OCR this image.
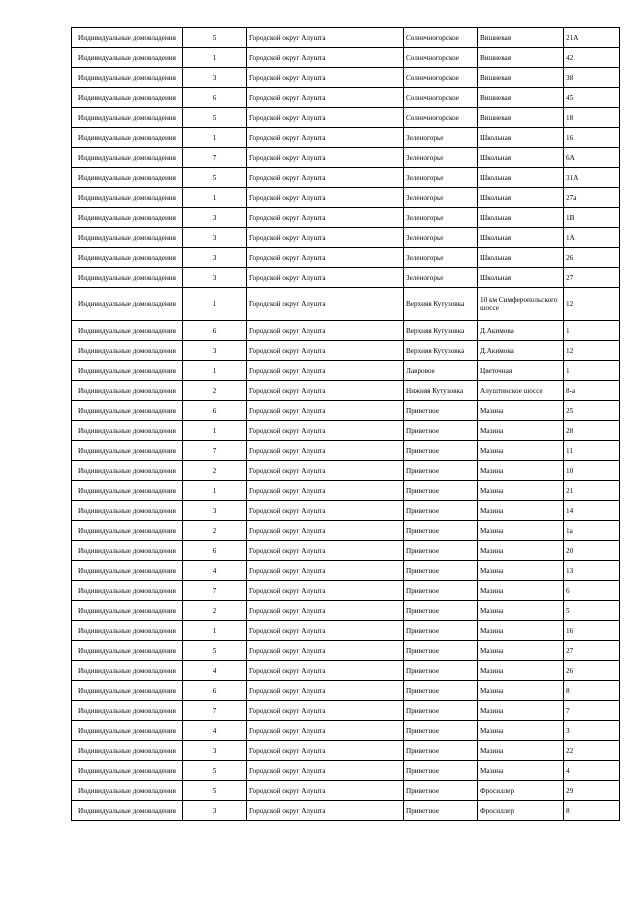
Индивидуальные домовладения	5	Городской округ Алушта	Солнечногорское	Вишневая	21А
Индивидуальные домовладения	1	Городской округ Алушта	Солнечногорское	Вишневая	42
Индивидуальные домовладения	3	Городской округ Алушта	Солнечногорское	Вишневая	38
Индивидуальные домовладения	6	Городской округ Алушта	Солнечногорское	Вишневая	45
Индивидуальные домовладения	5	Городской округ Алушта	Солнечногорское	Вишневая	18
Индивидуальные домовладения	1	Городской округ Алушта	Зеленогорье	Школьная	16
Индивидуальные домовладения	7	Городской округ Алушта	Зеленогорье	Школьная	6А
Индивидуальные домовладения	5	Городской округ Алушта	Зеленогорье	Школьная	31А
Индивидуальные домовладения	1	Городской округ Алушта	Зеленогорье	Школьная	27а
Индивидуальные домовладения	3	Городской округ Алушта	Зеленогорье	Школьная	1В
Индивидуальные домовладения	3	Городской округ Алушта	Зеленогорье	Школьная	1А
Индивидуальные домовладения	3	Городской округ Алушта	Зеленогорье	Школьная	26
Индивидуальные домовладения	3	Городской округ Алушта	Зеленогорье	Школьная	27
Индивидуальные домовладения	1	Городской округ Алушта	Верхняя Кутузовка	10 км Симферопольского шоссе	12
Индивидуальные домовладения	6	Городской округ Алушта	Верхняя Кутузовка	Д.Акимова	1
Индивидуальные домовладения	3	Городской округ Алушта	Верхняя Кутузовка	Д.Акимова	12
Индивидуальные домовладения	1	Городской округ Алушта	Лавровое	Цветочная	1
Индивидуальные домовладения	2	Городской округ Алушта	Нижняя Кутузовка	Алуштинское шоссе	8-а
Индивидуальные домовладения	6	Городской округ Алушта	Приветное	Мазина	25
Индивидуальные домовладения	1	Городской округ Алушта	Приветное	Мазина	28
Индивидуальные домовладения	7	Городской округ Алушта	Приветное	Мазина	11
Индивидуальные домовладения	2	Городской округ Алушта	Приветное	Мазина	10
Индивидуальные домовладения	1	Городской округ Алушта	Приветное	Мазина	21
Индивидуальные домовладения	3	Городской округ Алушта	Приветное	Мазина	14
Индивидуальные домовладения	2	Городской округ Алушта	Приветное	Мазина	1а
Индивидуальные домовладения	6	Городской округ Алушта	Приветное	Мазина	20
Индивидуальные домовладения	4	Городской округ Алушта	Приветное	Мазина	13
Индивидуальные домовладения	7	Городской округ Алушта	Приветное	Мазина	6
Индивидуальные домовладения	2	Городской округ Алушта	Приветное	Мазина	5
Индивидуальные домовладения	1	Городской округ Алушта	Приветное	Мазина	16
Индивидуальные домовладения	5	Городской округ Алушта	Приветное	Мазина	27
Индивидуальные домовладения	4	Городской округ Алушта	Приветное	Мазина	26
Индивидуальные домовладения	6	Городской округ Алушта	Приветное	Мазина	8
Индивидуальные домовладения	7	Городской округ Алушта	Приветное	Мазина	7
Индивидуальные домовладения	4	Городской округ Алушта	Приветное	Мазина	3
Индивидуальные домовладения	3	Городской округ Алушта	Приветное	Мазина	22
Индивидуальные домовладения	5	Городской округ Алушта	Приветное	Мазина	4
Индивидуальные домовладения	5	Городской округ Алушта	Приветное	Фросиллер	29
Индивидуальные домовладения	3	Городской округ Алушта	Приветное	Фросиллер	8
